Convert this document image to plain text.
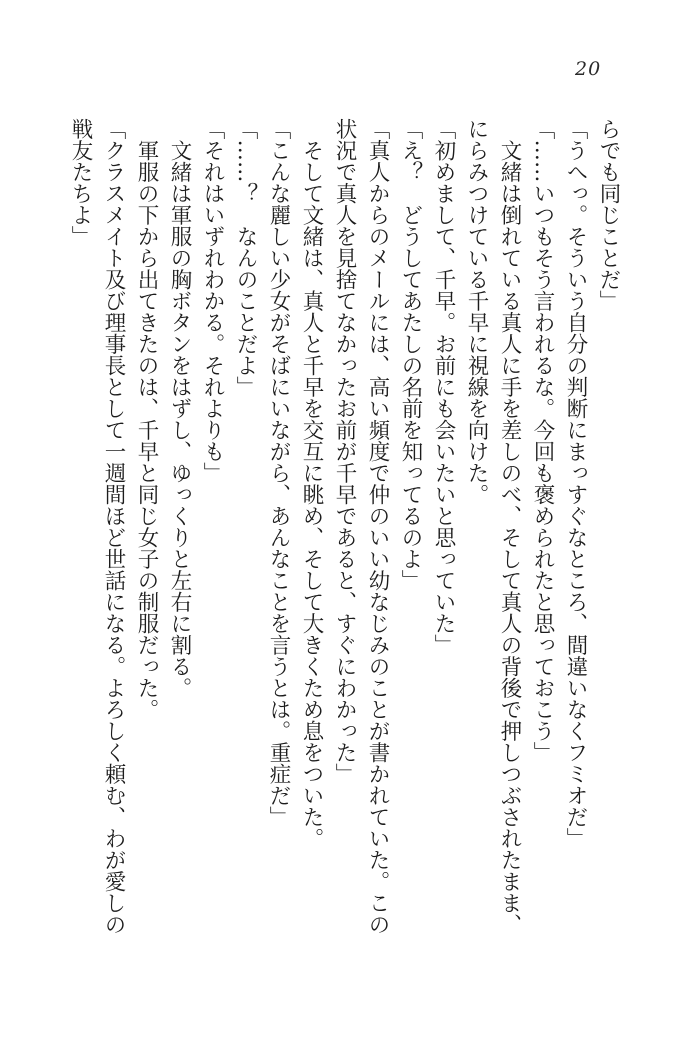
20
らでも同じことだ」
「うへっ。そういう自分の判断にまっすぐなところ、間違いなくフミオだ」
「……いつもそう言われるな。今回も褒められたと思っておこう」
　文緒は倒れている真人に手を差しのべ、そして真人の背後で押しつぶされたまま、
にらみつけている千早に視線を向けた。
「初めまして、千早。お前にも会いたいと思っていた」
「え？　どうしてあたしの名前を知ってるのよ」
「真人からのメールには、高い頻度で仲のいい幼なじみのことが書かれていた。この
状況で真人を見捨てなかったお前が千早であると、すぐにわかった」
　そして文緒は、真人と千早を交互に眺め、そして大きくため息をついた。
「こんな麗しい少女がそばにいながら、あんなことを言うとは。重症だ」
「……？　なんのことだよ」
「それはいずれわかる。それよりも」
　文緒は軍服の胸ボタンをはずし、ゆっくりと左右に割る。
　軍服の下から出てきたのは、千早と同じ女子の制服だった。
「クラスメイト及び理事長として一週間ほど世話になる。よろしく頼む、わが愛しの
戦友たちよ」
